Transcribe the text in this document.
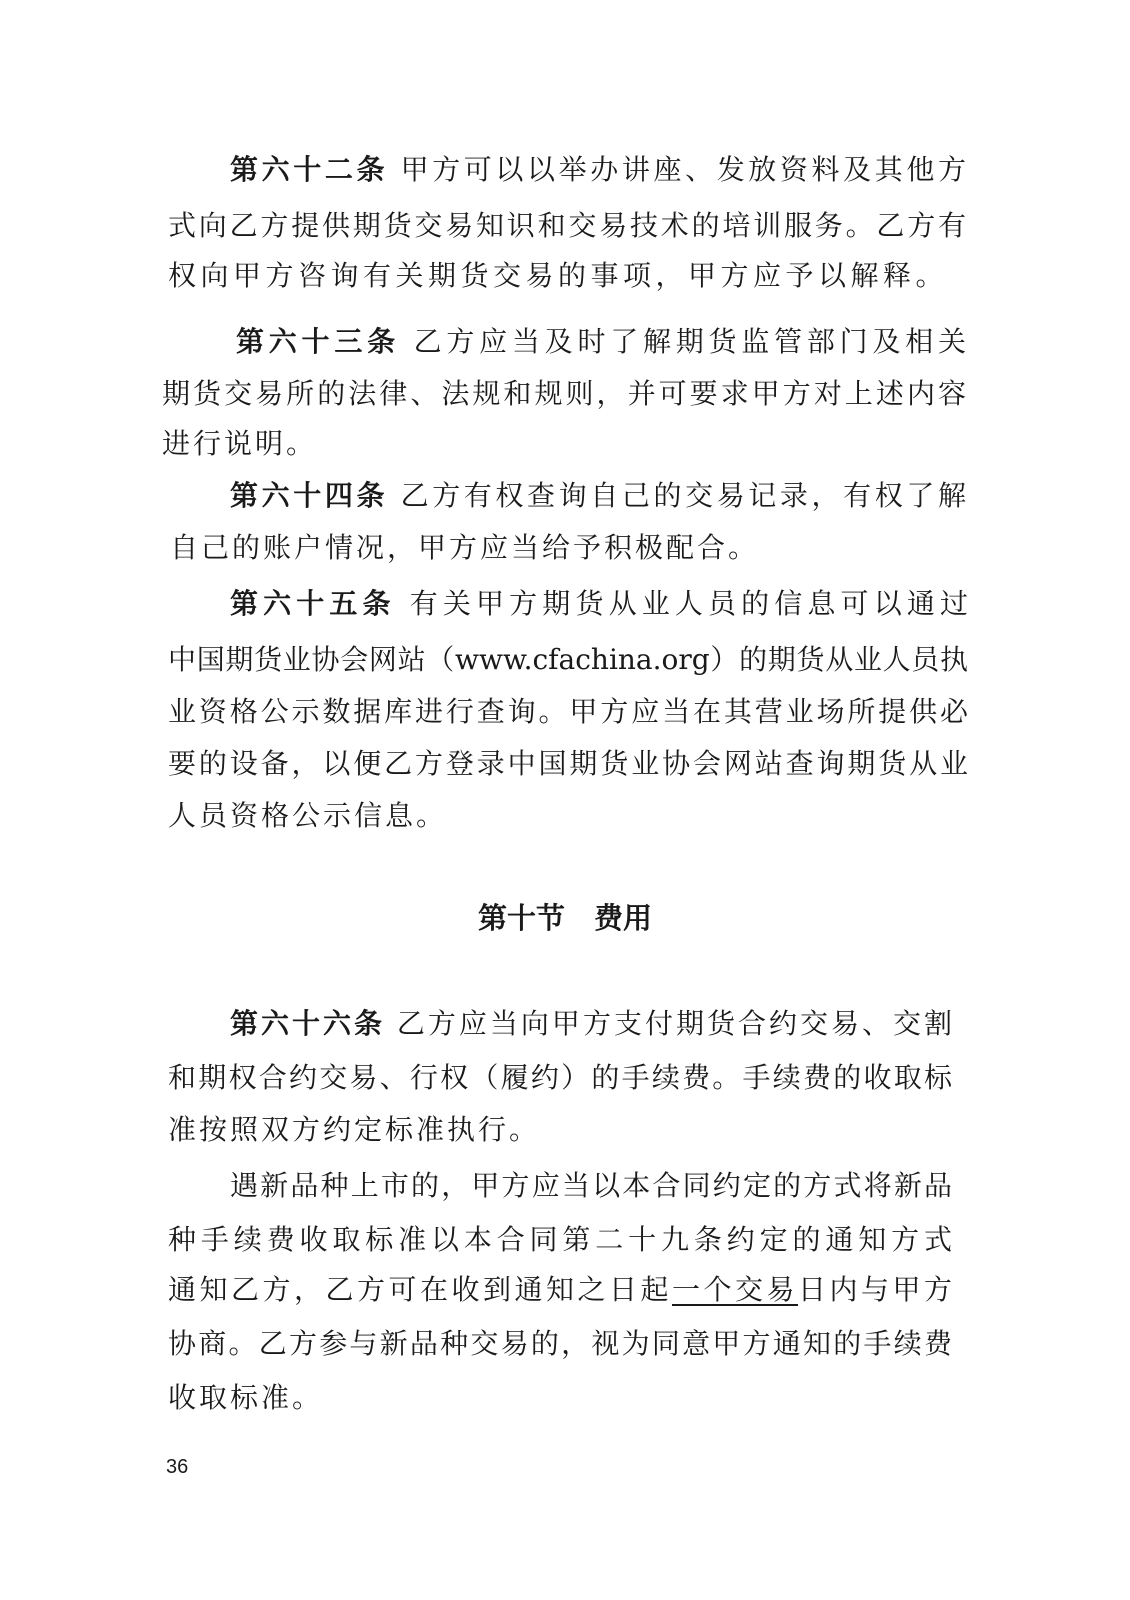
第六十二条 甲方可以以举办讲座、发放资料及其他方
式向乙方提供期货交易知识和交易技术的培训服务。乙方有
权向甲方咨询有关期货交易的事项，甲方应予以解释。
第六十三条 乙方应当及时了解期货监管部门及相关
期货交易所的法律、法规和规则，并可要求甲方对上述内容
进行说明。
第六十四条 乙方有权查询自己的交易记录，有权了解
自己的账户情况，甲方应当给予积极配合。
第六十五条 有关甲方期货从业人员的信息可以通过
中国期货业协会网站（www.cfachina.org）的期货从业人员执
业资格公示数据库进行查询。甲方应当在其营业场所提供必
要的设备，以便乙方登录中国期货业协会网站查询期货从业
人员资格公示信息。
第十节　费用
第六十六条 乙方应当向甲方支付期货合约交易、交割
和期权合约交易、行权（履约）的手续费。手续费的收取标
准按照双方约定标准执行。
遇新品种上市的，甲方应当以本合同约定的方式将新品
种手续费收取标准以本合同第二十九条约定的通知方式
通知乙方，乙方可在收到通知之日起一个交易日内与甲方
协商。乙方参与新品种交易的，视为同意甲方通知的手续费
收取标准。
36
